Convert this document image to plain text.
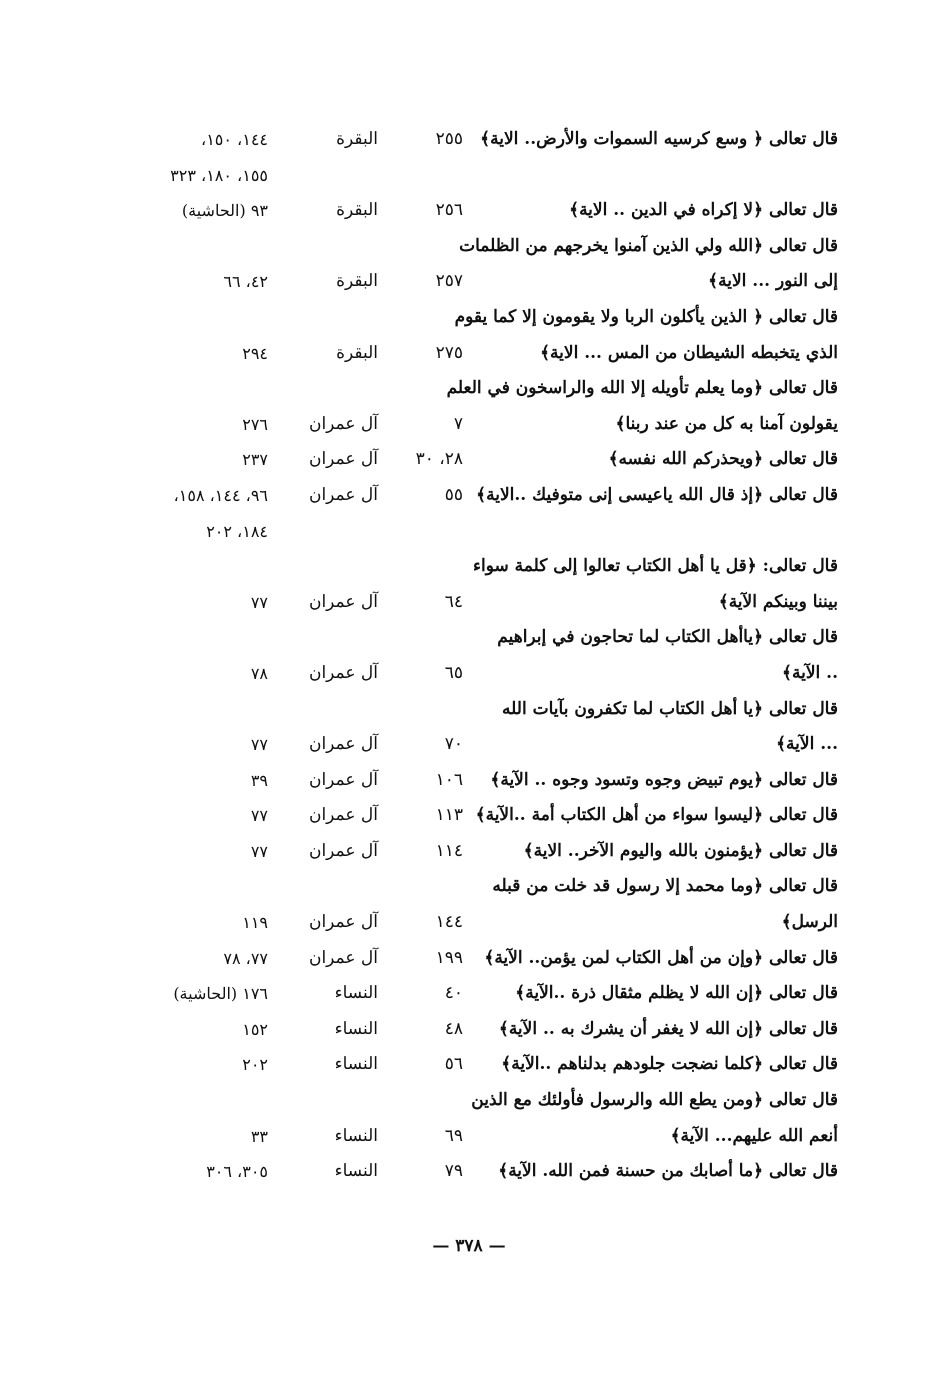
قال تعالى ﴿ وسع كرسيه السموات والأرض.. الاية﴾
٢٥٥
البقرة
١٤٤، ١٥٠،
١٥٥، ١٨٠، ٣٢٣
قال تعالى ﴿لا إكراه في الدين .. الاية﴾
٢٥٦
البقرة
٩٣ (الحاشية)
قال تعالى ﴿الله ولي الذين آمنوا يخرجهم من الظلمات
إلى النور ... الاية﴾
٢٥٧
البقرة
٤٢، ٦٦
قال تعالى ﴿ الذين يأكلون الربا ولا يقومون إلا كما يقوم
الذي يتخبطه الشيطان من المس ... الاية﴾
٢٧٥
البقرة
٢٩٤
قال تعالى ﴿وما يعلم تأويله إلا الله والراسخون في العلم
يقولون آمنا به كل من عند ربنا﴾
٧
آل عمران
٢٧٦
قال تعالى ﴿ويحذركم الله نفسه﴾
٢٨، ٣٠
آل عمران
٢٣٧
قال تعالى ﴿إذ قال الله ياعيسى إنى متوفيك ..الاية﴾
٥٥
آل عمران
٩٦، ١٤٤، ١٥٨،
١٨٤، ٢٠٢
قال تعالى: ﴿قل يا أهل الكتاب تعالوا إلى كلمة سواء
بيننا وبينكم الآية﴾
٦٤
آل عمران
٧٧
قال تعالى ﴿ياأهل الكتاب لما تحاجون في إبراهيم
.. الآية﴾
٦٥
آل عمران
٧٨
قال تعالى ﴿يا أهل الكتاب لما تكفرون بآيات الله
... الآية﴾
٧٠
آل عمران
٧٧
قال تعالى ﴿يوم تبيض وجوه وتسود وجوه .. الآية﴾
١٠٦
آل عمران
٣٩
قال تعالى ﴿ليسوا سواء من أهل الكتاب أمة ..الآية﴾
١١٣
آل عمران
٧٧
قال تعالى ﴿يؤمنون بالله واليوم الآخر.. الاية﴾
١١٤
آل عمران
٧٧
قال تعالى ﴿وما محمد إلا رسول قد خلت من قبله
الرسل﴾
١٤٤
آل عمران
١١٩
قال تعالى ﴿وإن من أهل الكتاب لمن يؤمن.. الآية﴾
١٩٩
آل عمران
٧٧، ٧٨
قال تعالى ﴿إن الله لا يظلم مثقال ذرة ..الآية﴾
٤٠
النساء
١٧٦ (الحاشية)
قال تعالى ﴿إن الله لا يغفر أن يشرك به .. الآية﴾
٤٨
النساء
١٥٢
قال تعالى ﴿كلما نضجت جلودهم بدلناهم ..الآية﴾
٥٦
النساء
٢٠٢
قال تعالى ﴿ومن يطع الله والرسول فأولئك مع الذين
أنعم الله عليهم... الآية﴾
٦٩
النساء
٣٣
قال تعالى ﴿ما أصابك من حسنة فمن الله. الآية﴾
٧٩
النساء
٣٠٥، ٣٠٦
— ٣٧٨ —
